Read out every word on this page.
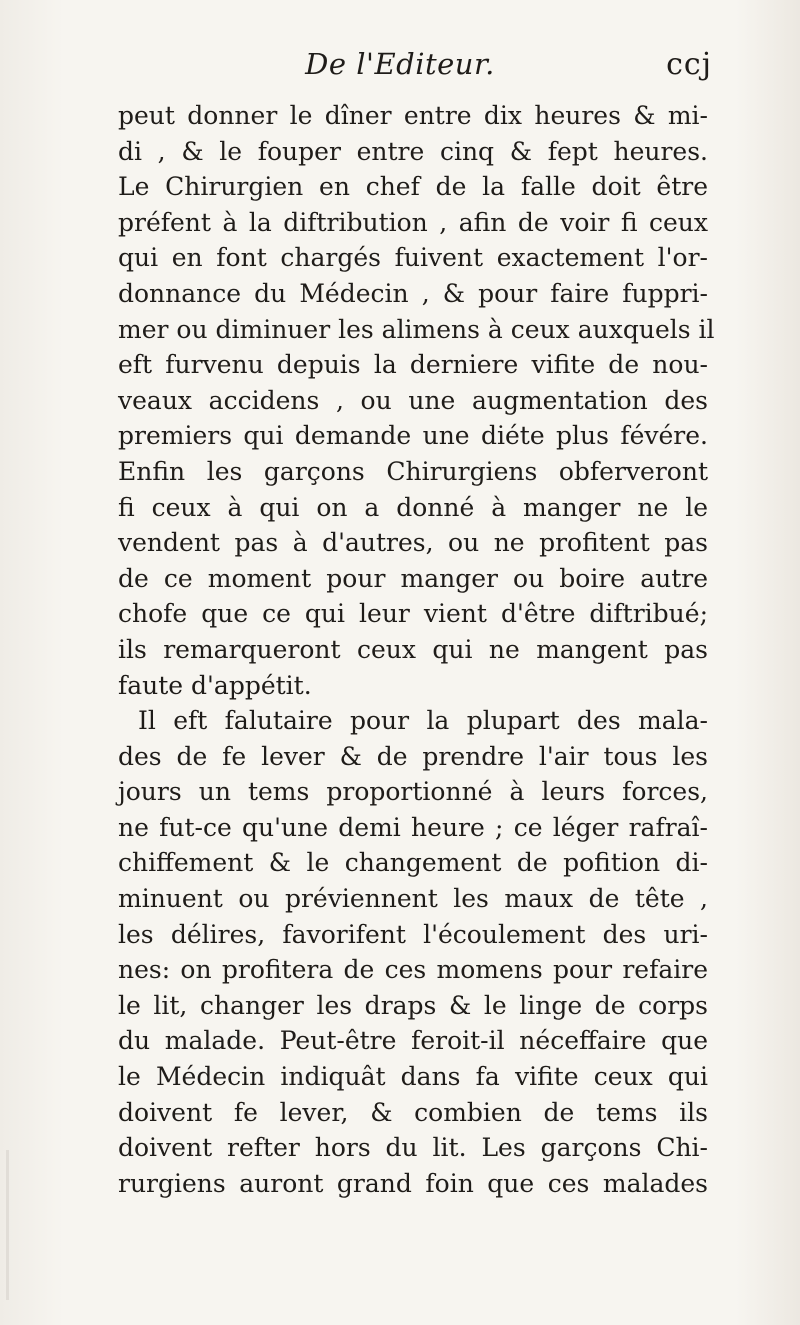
De l'Editeur.	ccj
peut donner le dîner entre dix heures & mi-
di , & le fouper entre cinq & fept heures.
Le Chirurgien en chef de la falle doit être
préfent à la diftribution , afin de voir fi ceux
qui en font chargés fuivent exactement l'or-
donnance du Médecin , & pour faire fuppri-
mer ou diminuer les alimens à ceux auxquels il
eft furvenu depuis la derniere vifite de nou-
veaux accidens , ou une augmentation des
premiers qui demande une diéte plus févére.
Enfin les garçons Chirurgiens obferveront
fi ceux à qui on a donné à manger ne le
vendent pas à d'autres, ou ne profitent pas
de ce moment pour manger ou boire autre
chofe que ce qui leur vient d'être diftribué;
ils remarqueront ceux qui ne mangent pas
faute d'appétit.
Il eft falutaire pour la plupart des mala-
des de fe lever & de prendre l'air tous les
jours un tems proportionné à leurs forces,
ne fut-ce qu'une demi heure ; ce léger rafraî-
chiffement & le changement de pofition di-
minuent ou préviennent les maux de tête ,
les délires, favorifent l'écoulement des uri-
nes: on profitera de ces momens pour refaire
le lit, changer les draps & le linge de corps
du malade. Peut-être feroit-il néceffaire que
le Médecin indiquât dans fa vifite ceux qui
doivent fe lever, & combien de tems ils
doivent refter hors du lit. Les garçons Chi-
rurgiens auront grand foin que ces malades
